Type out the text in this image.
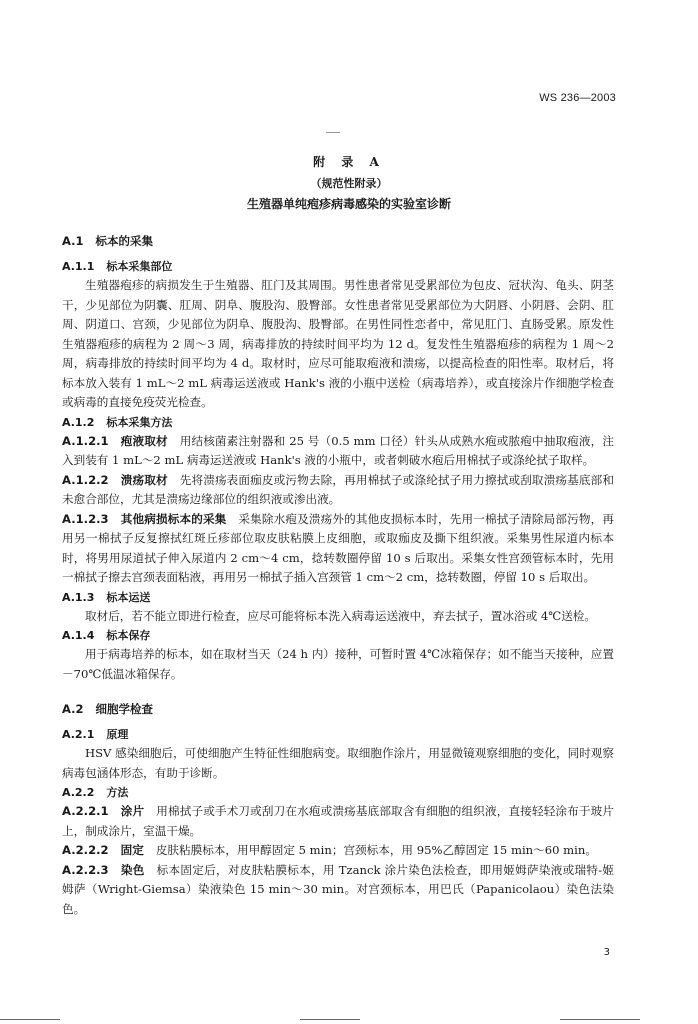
WS 236—2003
附 录 A
（规范性附录）
生殖器单纯疱疹病毒感染的实验室诊断
A.1 标本的采集
A.1.1 标本采集部位
生殖器疱疹的病损发生于生殖器、肛门及其周围。男性患者常见受累部位为包皮、冠状沟、龟头、阴茎干，少见部位为阴囊、肛周、阴阜、腹股沟、股臀部。女性患者常见受累部位为大阴唇、小阴唇、会阴、肛周、阴道口、宫颈，少见部位为阴阜、腹股沟、股臀部。在男性同性恋者中，常见肛门、直肠受累。原发性生殖器疱疹的病程为 2 周～3 周，病毒排放的持续时间平均为 12 d。复发性生殖器疱疹的病程为 1 周～2 周，病毒排放的持续时间平均为 4 d。取材时，应尽可能取疱液和溃疡，以提高检查的阳性率。取材后，将标本放入装有 1 mL～2 mL 病毒运送液或 Hank's 液的小瓶中送检（病毒培养），或直接涂片作细胞学检查或病毒的直接免疫荧光检查。
A.1.2 标本采集方法
A.1.2.1 疱液取材 用结核菌素注射器和 25 号（0.5 mm 口径）针头从成熟水疱或脓疱中抽取疱液，注入到装有 1 mL～2 mL 病毒运送液或 Hank's 液的小瓶中，或者刺破水疱后用棉拭子或涤纶拭子取样。
A.1.2.2 溃疡取材 先将溃疡表面痂皮或污物去除，再用棉拭子或涤纶拭子用力擦拭或刮取溃疡基底部和未愈合部位，尤其是溃疡边缘部位的组织液或渗出液。
A.1.2.3 其他病损标本的采集 采集除水疱及溃疡外的其他皮损标本时，先用一棉拭子清除局部污物，再用另一棉拭子反复擦拭红斑丘疹部位取皮肤粘膜上皮细胞，或取痂皮及撕下组织液。采集男性尿道内标本时，将男用尿道拭子伸入尿道内 2 cm～4 cm，捻转数圈停留 10 s 后取出。采集女性宫颈管标本时，先用一棉拭子擦去宫颈表面粘液，再用另一棉拭子插入宫颈管 1 cm～2 cm，捻转数圈，停留 10 s 后取出。
A.1.3 标本运送
取材后，若不能立即进行检查，应尽可能将标本洗入病毒运送液中，弃去拭子，置冰浴或 4℃送检。
A.1.4 标本保存
用于病毒培养的标本，如在取材当天（24 h 内）接种，可暂时置 4℃冰箱保存；如不能当天接种，应置－70℃低温冰箱保存。
A.2 细胞学检查
A.2.1 原理
HSV 感染细胞后，可使细胞产生特征性细胞病变。取细胞作涂片，用显微镜观察细胞的变化，同时观察病毒包涵体形态，有助于诊断。
A.2.2 方法
A.2.2.1 涂片 用棉拭子或手术刀或刮刀在水疱或溃疡基底部取含有细胞的组织液，直接轻轻涂布于玻片上，制成涂片，室温干燥。
A.2.2.2 固定 皮肤粘膜标本，用甲醇固定 5 min；宫颈标本，用 95%乙醇固定 15 min～60 min。
A.2.2.3 染色 标本固定后，对皮肤粘膜标本，用 Tzanck 涂片染色法检查，即用姬姆萨染液或瑞特-姬姆萨（Wright-Giemsa）染液染色 15 min～30 min。对宫颈标本，用巴氏（Papanicolaou）染色法染色。
3
